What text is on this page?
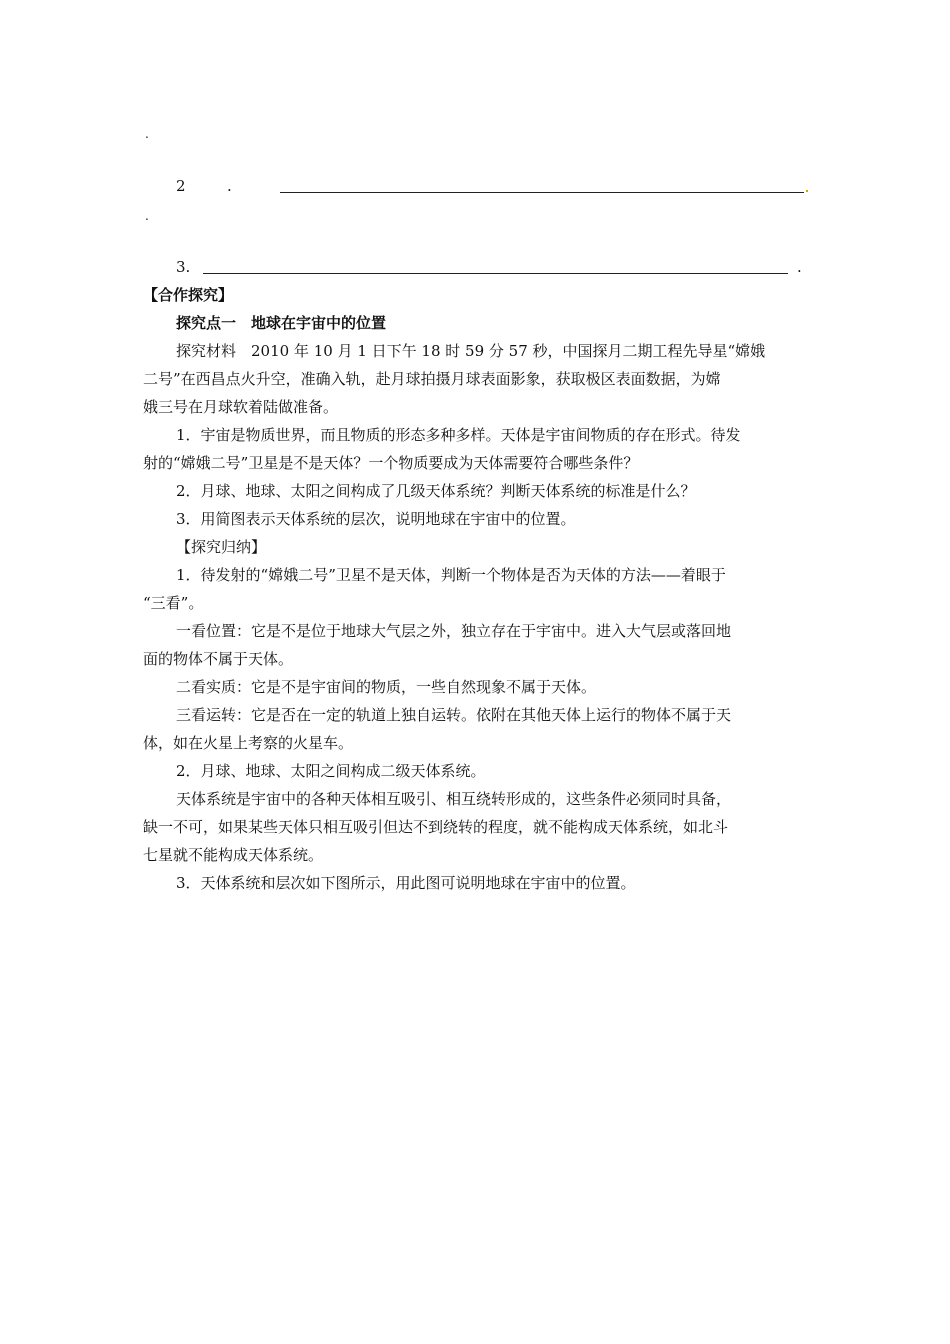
.
2	.
.
3.	.
【合作探究】
探究点一　地球在宇宙中的位置
探究材料　2010 年 10 月 1 日下午 18 时 59 分 57 秒，中国探月二期工程先导星“嫦娥
二号”在西昌点火升空，准确入轨，赴月球拍摄月球表面影象，获取极区表面数据，为嫦
娥三号在月球软着陆做准备。
1．宇宙是物质世界，而且物质的形态多种多样。天体是宇宙间物质的存在形式。待发
射的“嫦娥二号”卫星是不是天体？一个物质要成为天体需要符合哪些条件？
2．月球、地球、太阳之间构成了几级天体系统？判断天体系统的标准是什么？
3．用简图表示天体系统的层次，说明地球在宇宙中的位置。
【探究归纳】
1．待发射的“嫦娥二号”卫星不是天体，判断一个物体是否为天体的方法——着眼于
“三看”。
一看位置：它是不是位于地球大气层之外，独立存在于宇宙中。进入大气层或落回地
面的物体不属于天体。
二看实质：它是不是宇宙间的物质，一些自然现象不属于天体。
三看运转：它是否在一定的轨道上独自运转。依附在其他天体上运行的物体不属于天
体，如在火星上考察的火星车。
2．月球、地球、太阳之间构成二级天体系统。
天体系统是宇宙中的各种天体相互吸引、相互绕转形成的，这些条件必须同时具备，
缺一不可，如果某些天体只相互吸引但达不到绕转的程度，就不能构成天体系统，如北斗
七星就不能构成天体系统。
3．天体系统和层次如下图所示，用此图可说明地球在宇宙中的位置。
